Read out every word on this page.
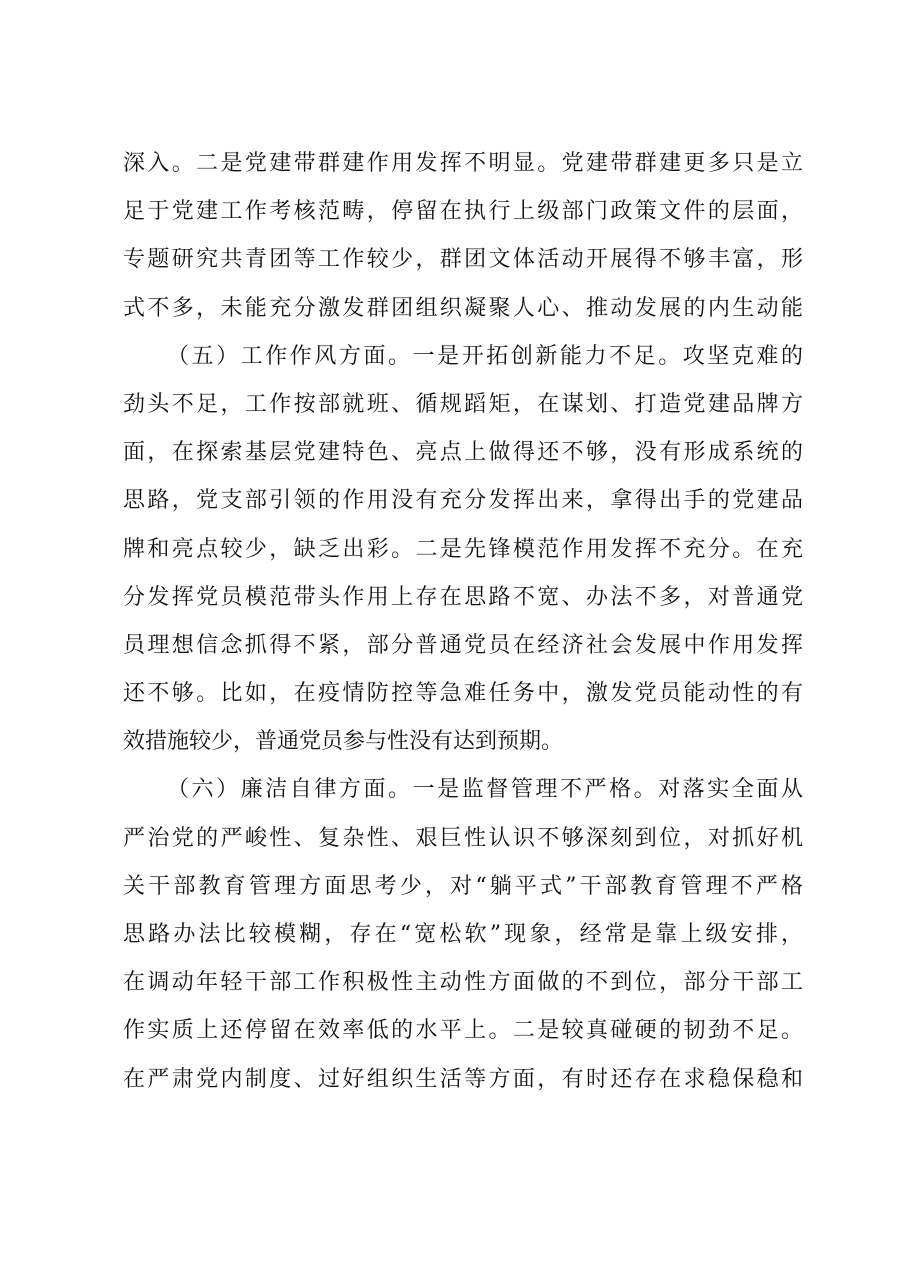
深入。二是党建带群建作用发挥不明显。党建带群建更多只是立
足于党建工作考核范畴，停留在执行上级部门政策文件的层面，
专题研究共青团等工作较少，群团文体活动开展得不够丰富，形
式不多，未能充分激发群团组织凝聚人心、推动发展的内生动能
（五）工作作风方面。一是开拓创新能力不足。攻坚克难的
劲头不足，工作按部就班、循规蹈矩，在谋划、打造党建品牌方
面，在探索基层党建特色、亮点上做得还不够，没有形成系统的
思路，党支部引领的作用没有充分发挥出来，拿得出手的党建品
牌和亮点较少，缺乏出彩。二是先锋模范作用发挥不充分。在充
分发挥党员模范带头作用上存在思路不宽、办法不多，对普通党
员理想信念抓得不紧，部分普通党员在经济社会发展中作用发挥
还不够。比如，在疫情防控等急难任务中，激发党员能动性的有
效措施较少，普通党员参与性没有达到预期。
（六）廉洁自律方面。一是监督管理不严格。对落实全面从
严治党的严峻性、复杂性、艰巨性认识不够深刻到位，对抓好机
关干部教育管理方面思考少，对“躺平式”干部教育管理不严格
思路办法比较模糊，存在“宽松软”现象，经常是靠上级安排，
在调动年轻干部工作积极性主动性方面做的不到位，部分干部工
作实质上还停留在效率低的水平上。二是较真碰硬的韧劲不足。
在严肃党内制度、过好组织生活等方面，有时还存在求稳保稳和
